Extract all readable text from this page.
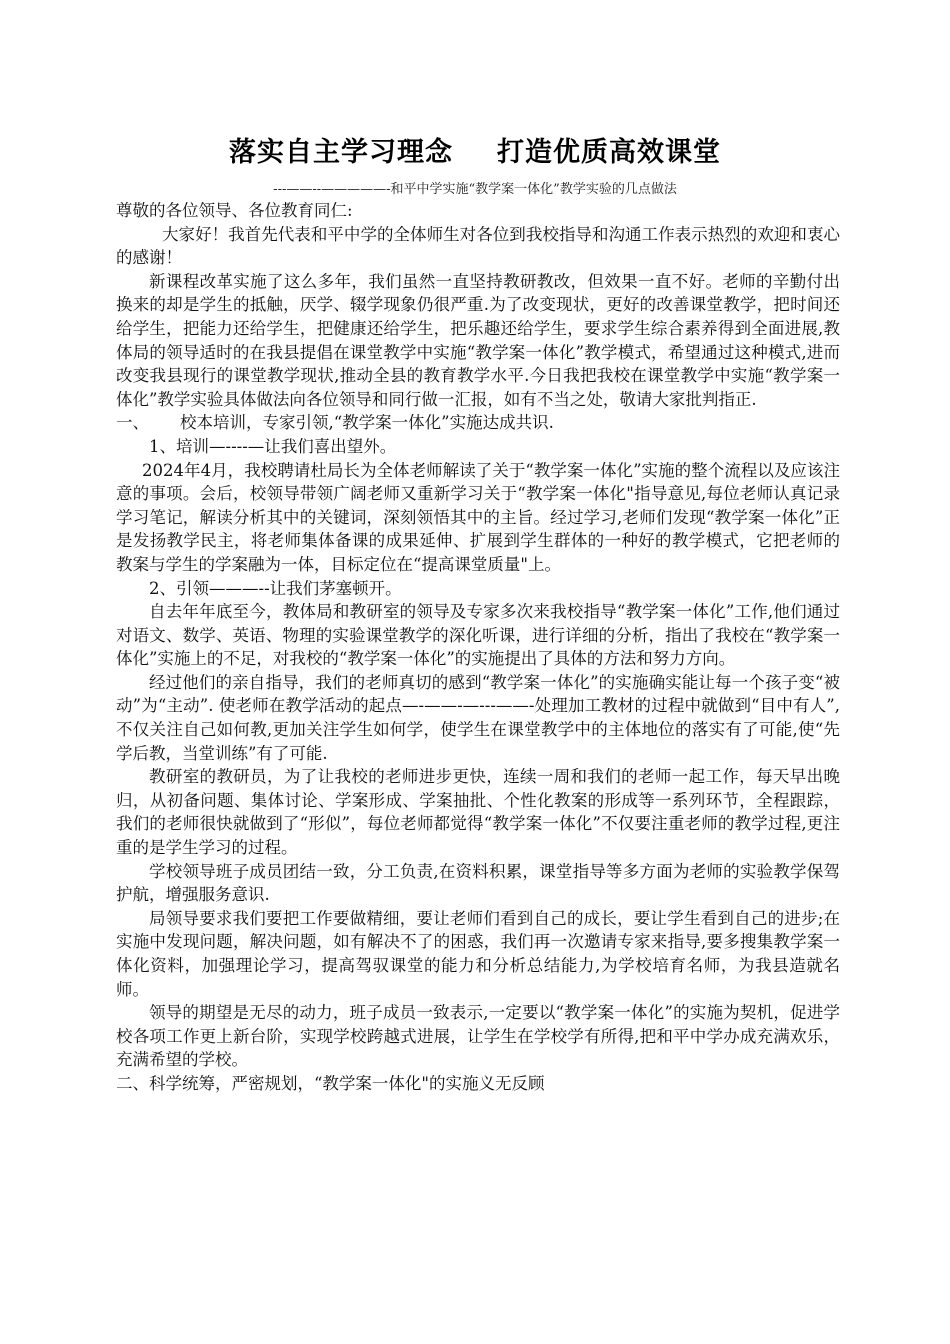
落实自主学习理念 打造优质高效课堂
---——--—————-和平中学实施“教学案一体化”教学实验的几点做法

尊敬的各位领导、各位教育同仁:

大家好！我首先代表和平中学的全体师生对各位到我校指导和沟通工作表示热烈的欢迎和衷心的感谢！

新课程改革实施了这么多年，我们虽然一直坚持教研教改，但效果一直不好。老师的辛勤付出换来的却是学生的抵触，厌学、辍学现象仍很严重.为了改变现状，更好的改善课堂教学，把时间还给学生，把能力还给学生，把健康还给学生，把乐趣还给学生，要求学生综合素养得到全面进展,教体局的领导适时的在我县提倡在课堂教学中实施“教学案一体化”教学模式，希望通过这种模式,进而改变我县现行的课堂教学现状,推动全县的教育教学水平.今日我把我校在课堂教学中实施“教学案一体化”教学实验具体做法向各位领导和同行做一汇报，如有不当之处，敬请大家批判指正.

一、 校本培训，专家引领,“教学案一体化”实施达成共识.

1、培训—----—让我们喜出望外。

2024年4月，我校聘请杜局长为全体老师解读了关于“教学案一体化”实施的整个流程以及应该注意的事项。会后，校领导带领广阔老师又重新学习关于“教学案一体化"指导意见,每位老师认真记录学习笔记，解读分析其中的关键词，深刻领悟其中的主旨。经过学习,老师们发现“教学案一体化”正是发扬教学民主，将老师集体备课的成果延伸、扩展到学生群体的一种好的教学模式，它把老师的教案与学生的学案融为一体，目标定位在“提高课堂质量"上。

2、引领———--让我们茅塞顿开。

自去年年底至今，教体局和教研室的领导及专家多次来我校指导“教学案一体化”工作,他们通过对语文、数学、英语、物理的实验课堂教学的深化听课，进行详细的分析，指出了我校在“教学案一体化”实施上的不足，对我校的“教学案一体化”的实施提出了具体的方法和努力方向。

经过他们的亲自指导，我们的老师真切的感到“教学案一体化”的实施确实能让每一个孩子变“被动”为“主动”. 使老师在教学活动的起点—-——-—---——-处理加工教材的过程中就做到“目中有人”,不仅关注自己如何教,更加关注学生如何学，使学生在课堂教学中的主体地位的落实有了可能,使“先学后教，当堂训练”有了可能.

教研室的教研员，为了让我校的老师进步更快，连续一周和我们的老师一起工作，每天早出晚归，从初备问题、集体讨论、学案形成、学案抽批、个性化教案的形成等一系列环节，全程跟踪，我们的老师很快就做到了“形似”，每位老师都觉得“教学案一体化”不仅要注重老师的教学过程,更注重的是学生学习的过程。

学校领导班子成员团结一致，分工负责,在资料积累，课堂指导等多方面为老师的实验教学保驾护航，增强服务意识.

局领导要求我们要把工作要做精细，要让老师们看到自己的成长，要让学生看到自己的进步;在实施中发现问题，解决问题，如有解决不了的困惑，我们再一次邀请专家来指导,要多搜集教学案一体化资料，加强理论学习，提高驾驭课堂的能力和分析总结能力,为学校培育名师，为我县造就名师。

领导的期望是无尽的动力，班子成员一致表示,一定要以“教学案一体化”的实施为契机，促进学校各项工作更上新台阶，实现学校跨越式进展，让学生在学校学有所得,把和平中学办成充满欢乐，充满希望的学校。

二、科学统筹，严密规划，“教学案一体化"的实施义无反顾
